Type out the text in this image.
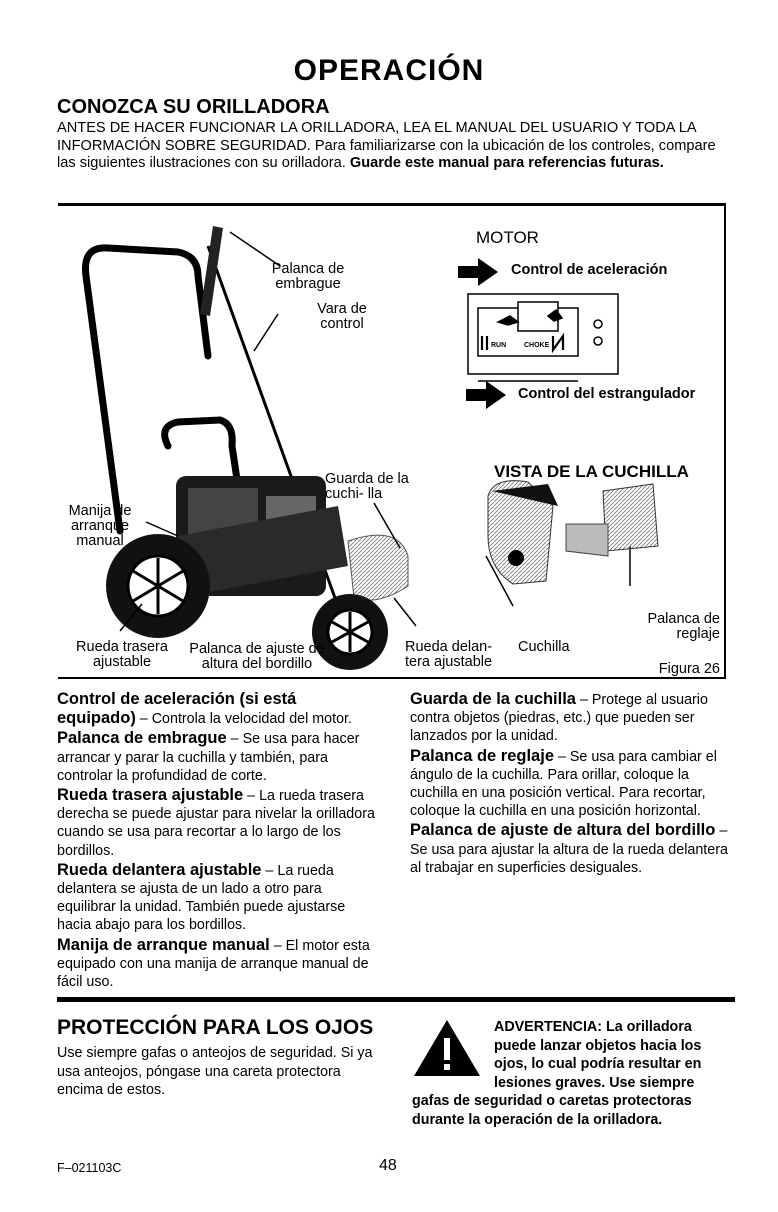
OPERACIÓN
CONOZCA SU ORILLADORA
ANTES DE HACER FUNCIONAR LA ORILLADORA, LEA EL MANUAL DEL USUARIO Y TODA LA INFORMACIÓN SOBRE SEGURIDAD. Para familiarizarse con la ubicación de los controles, compare las siguientes ilustraciones con su orilladora. Guarde este manual para referencias futuras.
RUN	CHOKE
Palanca de embrague
Vara de control
Guarda de la cuchi- lla
Manija de arranque manual
Rueda trasera ajustable
Palanca de ajuste de altura del bordillo
Rueda delan- tera ajustable
Cuchilla
Palanca de reglaje
Figura 26
MOTOR
Control de aceleración
Control del estrangulador
VISTA DE LA CUCHILLA

Control de aceleración (si está equipado) – Controla la velocidad del motor.

Palanca de embrague – Se usa para hacer arrancar y parar la cuchilla y también, para controlar la profundidad de corte.

Rueda trasera ajustable – La rueda trasera derecha se puede ajustar para nivelar la orilladora cuando se usa para recortar a lo largo de los bordillos.

Rueda delantera ajustable – La rueda delantera se ajusta de un lado a otro para equilibrar la unidad. También puede ajustarse hacia abajo para los bordillos.

Manija de arranque manual – El motor esta equipado con una manija de arranque manual de fácil uso.

Guarda de la cuchilla – Protege al usuario contra objetos (piedras, etc.) que pueden ser lanzados por la unidad.

Palanca de reglaje – Se usa para cambiar el ángulo de la cuchilla. Para orillar, coloque la cuchilla en una posición vertical. Para recortar, coloque la cuchilla en una posición horizontal.

Palanca de ajuste de altura del bordillo – Se usa para ajustar la altura de la rueda delantera al trabajar en superficies desiguales.

PROTECCIÓN PARA LOS OJOS
Use siempre gafas o anteojos de seguridad. Si ya usa anteojos, póngase una careta protectora encima de estos.
ADVERTENCIA: La orilladora puede lanzar objetos hacia los ojos, lo cual podría resultar en lesiones graves. Use siempre gafas de seguridad o caretas protectoras durante la operación de la orilladora.
F–021103C	48
